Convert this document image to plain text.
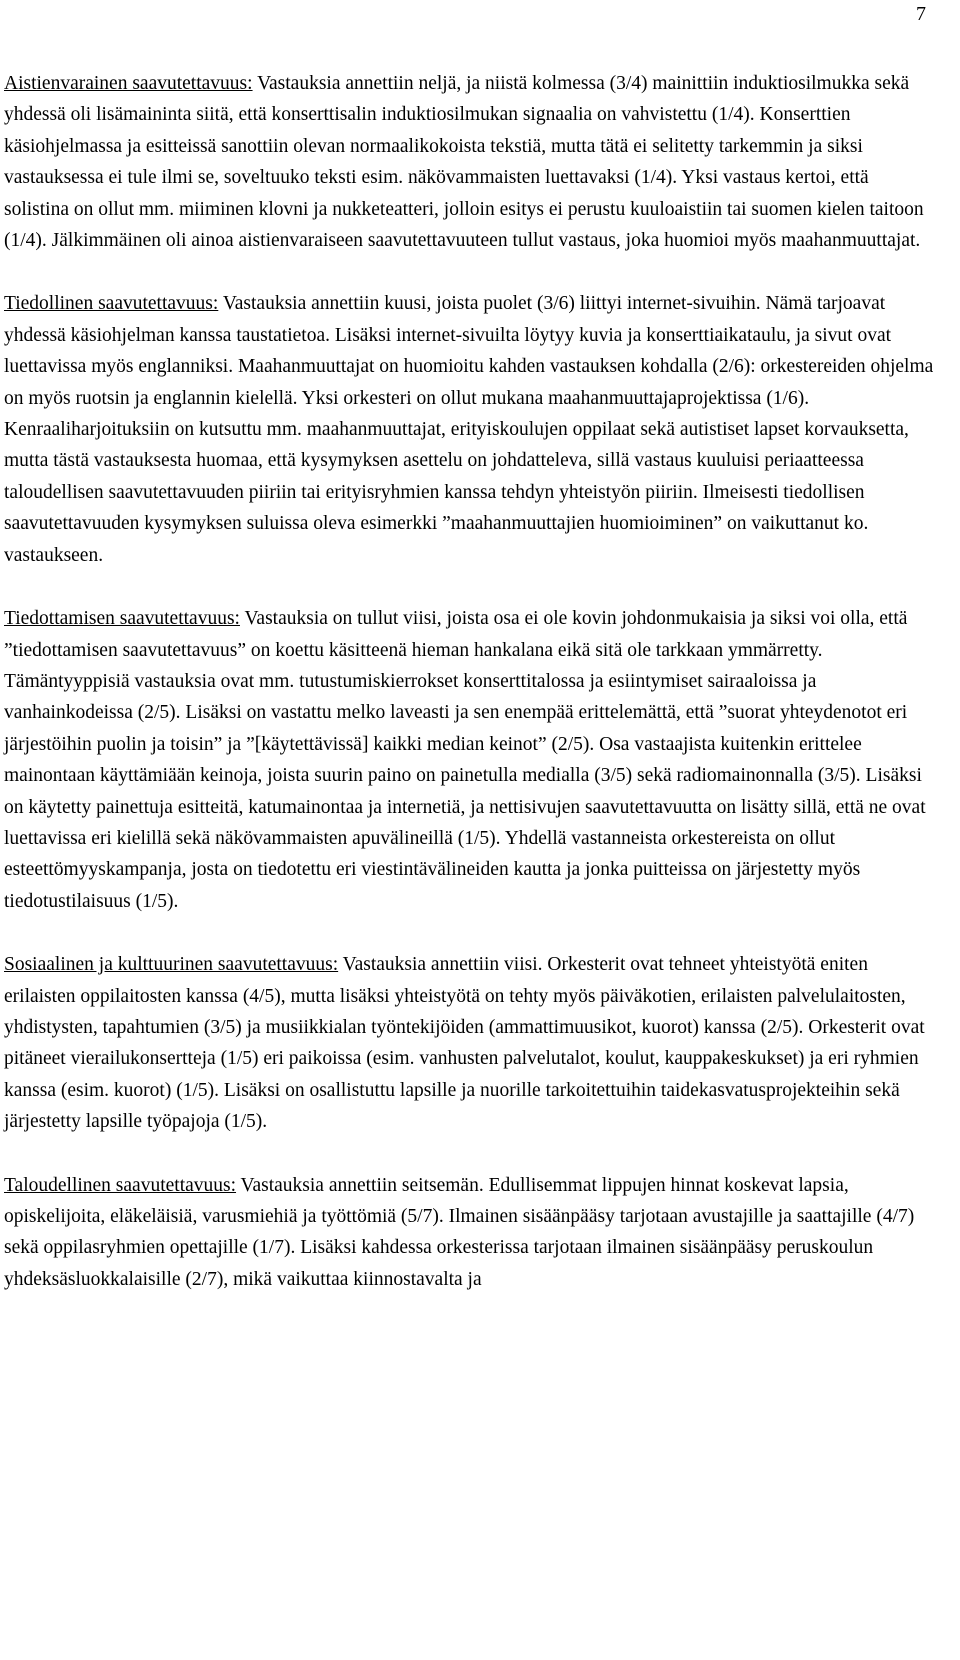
7

Aistienvarainen saavutettavuus: Vastauksia annettiin neljä, ja niistä kolmessa (3/4) mainittiin induktiosilmukka sekä yhdessä oli lisämaininta siitä, että konserttisalin induktiosilmukan signaalia on vahvistettu (1/4). Konserttien käsiohjelmassa ja esitteissä sanottiin olevan normaalikokoista tekstiä, mutta tätä ei selitetty tarkemmin ja siksi vastauksessa ei tule ilmi se, soveltuuko teksti esim. näkövammaisten luettavaksi (1/4). Yksi vastaus kertoi, että solistina on ollut mm. miiminen klovni ja nukketeatteri, jolloin esitys ei perustu kuuloaistiin tai suomen kielen taitoon (1/4). Jälkimmäinen oli ainoa aistienvaraiseen saavutettavuuteen tullut vastaus, joka huomioi myös maahanmuuttajat.

Tiedollinen saavutettavuus: Vastauksia annettiin kuusi, joista puolet (3/6) liittyi internet-sivuihin. Nämä tarjoavat yhdessä käsiohjelman kanssa taustatietoa. Lisäksi internet-sivuilta löytyy kuvia ja konserttiaikataulu, ja sivut ovat luettavissa myös englanniksi. Maahanmuuttajat on huomioitu kahden vastauksen kohdalla (2/6): orkestereiden ohjelma on myös ruotsin ja englannin kielellä. Yksi orkesteri on ollut mukana maahanmuuttajaprojektissa (1/6). Kenraaliharjoituksiin on kutsuttu mm. maahanmuuttajat, erityiskoulujen oppilaat sekä autistiset lapset korvauksetta, mutta tästä vastauksesta huomaa, että kysymyksen asettelu on johdatteleva, sillä vastaus kuuluisi periaatteessa taloudellisen saavutettavuuden piiriin tai erityisryhmien kanssa tehdyn yhteistyön piiriin. Ilmeisesti tiedollisen saavutettavuuden kysymyksen suluissa oleva esimerkki ”maahanmuuttajien huomioiminen” on vaikuttanut ko. vastaukseen.

Tiedottamisen saavutettavuus: Vastauksia on tullut viisi, joista osa ei ole kovin johdonmukaisia ja siksi voi olla, että ”tiedottamisen saavutettavuus” on koettu käsitteenä hieman hankalana eikä sitä ole tarkkaan ymmärretty. Tämäntyyppisiä vastauksia ovat mm. tutustumiskierrokset konserttitalossa ja esiintymiset sairaaloissa ja vanhainkodeissa (2/5). Lisäksi on vastattu melko laveasti ja sen enempää erittelemättä, että ”suorat yhteydenotot eri järjestöihin puolin ja toisin” ja ”[käytettävissä] kaikki median keinot” (2/5). Osa vastaajista kuitenkin erittelee mainontaan käyttämiään keinoja, joista suurin paino on painetulla medialla (3/5) sekä radiomainonnalla (3/5). Lisäksi on käytetty painettuja esitteitä, katumainontaa ja internetiä, ja nettisivujen saavutettavuutta on lisätty sillä, että ne ovat luettavissa eri kielillä sekä näkövammaisten apuvälineillä (1/5). Yhdellä vastanneista orkestereista on ollut esteettömyyskampanja, josta on tiedotettu eri viestintävälineiden kautta ja jonka puitteissa on järjestetty myös tiedotustilaisuus (1/5).

Sosiaalinen ja kulttuurinen saavutettavuus: Vastauksia annettiin viisi. Orkesterit ovat tehneet yhteistyötä eniten erilaisten oppilaitosten kanssa (4/5), mutta lisäksi yhteistyötä on tehty myös päiväkotien, erilaisten palvelulaitosten, yhdistysten, tapahtumien (3/5) ja musiikkialan työntekijöiden (ammattimuusikot, kuorot) kanssa (2/5). Orkesterit ovat pitäneet vierailukonsertteja (1/5) eri paikoissa (esim. vanhusten palvelutalot, koulut, kauppakeskukset) ja eri ryhmien kanssa (esim. kuorot) (1/5). Lisäksi on osallistuttu lapsille ja nuorille tarkoitettuihin taidekasvatusprojekteihin sekä järjestetty lapsille työpajoja (1/5).

Taloudellinen saavutettavuus: Vastauksia annettiin seitsemän. Edullisemmat lippujen hinnat koskevat lapsia, opiskelijoita, eläkeläisiä, varusmiehiä ja työttömiä (5/7). Ilmainen sisäänpääsy tarjotaan avustajille ja saattajille (4/7) sekä oppilasryhmien opettajille (1/7). Lisäksi kahdessa orkesterissa tarjotaan ilmainen sisäänpääsy peruskoulun yhdeksäsluokkalaisille (2/7), mikä vaikuttaa kiinnostavalta ja
